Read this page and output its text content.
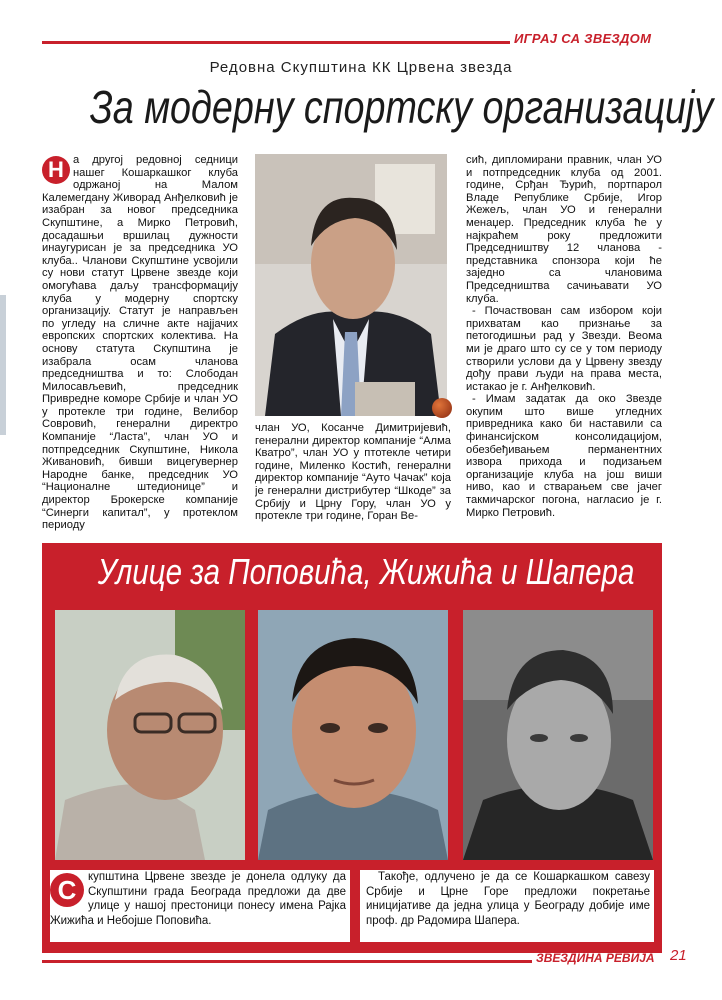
ИГРАЈ СА ЗВЕЗДОМ
Редовна Скупштина КК Црвена звезда
За модерну спортску организацију
Н а другој редовној седници нашег Кошаркашког клуба одржаној на Малом Калемегдану Живорад Анђелковић је изабран за новог председника Скупштине, а Мирко Петровић, досадашњи вршилац дужности инаугурисан је за председника УО клуба.. Чланови Скупштине усвојили су нови статут Црвене звезде који омогућава даљу трансформацију клуба у модерну спортску организацију. Статут је направљен по угледу на сличне акте најјачих европских спортских колектива. На основу статута Скупштина је изабрала осам чланова председништва и то: Слободан Милосављевић, председник Привредне коморе Србије и члан УО у протекле три године, Велибор Совровић, генерални директро Компаније “Ласта”, члан УО и потпредседник Скупштине, Никола Живановић, бивши вицегувернер Народне банке, председник УО “Националне штедионице” и директор Брокерске компаније “Синерги капитал”, у протеклом периоду

члан УО, Косанче Димитријевић, генерални директор компаније “Алма Кватро”, члан УО у птотекле четири године, Миленко Костић, генерални директор компаније “Ауто Чачак” која је генерални дистрибутер “Шкоде” за Србију и Црну Гору, члан УО у протекле три године, Горан Ве-

сић, дипломирани правник, члан УО и потпредседник клуба од 2001. године, Срђан Ђурић, портпарол Владе Републике Србије, Игор Жежељ, члан УО и генерални менаџер. Председник клуба ће у најкраћем року предложити Председништву 12 чланова - представника спонзора који ће заједно са члановима Председништва сачињавати УО клуба.

- Почаствован сам избором који прихватам као признање за петогодишњи рад у Звезди. Веома ми је драго што су се у том периоду створили услови да у Црвену звезду дођу прави људи на права места, истакао је г. Анђелковић.

- Имам задатак да око Звезде окупим што више угледних привредника како би наставили са финансијском консолидацијом, обезбеђивањем перманентних извора прихода и подизањем организације клуба на још виши ниво, као и стварањем све јачег такмичарског погона, нагласио је г. Мирко Петровић.

Улице за Поповића, Жижића и Шапера
С	купштина Црвене звезде је донела одлуку да Скупштини града Београда предложи да две улице у нашој престоници понесу имена Рајка Жижића и Небојше Поповића.

Такође, одлучено је да се Кошаркашком савезу Србије и Црне Горе предложи покретање иницијативе да једна улица у Београду добије име проф. др Радомира Шапера.

ЗВЕЗДИНА РЕВИЈА 21
